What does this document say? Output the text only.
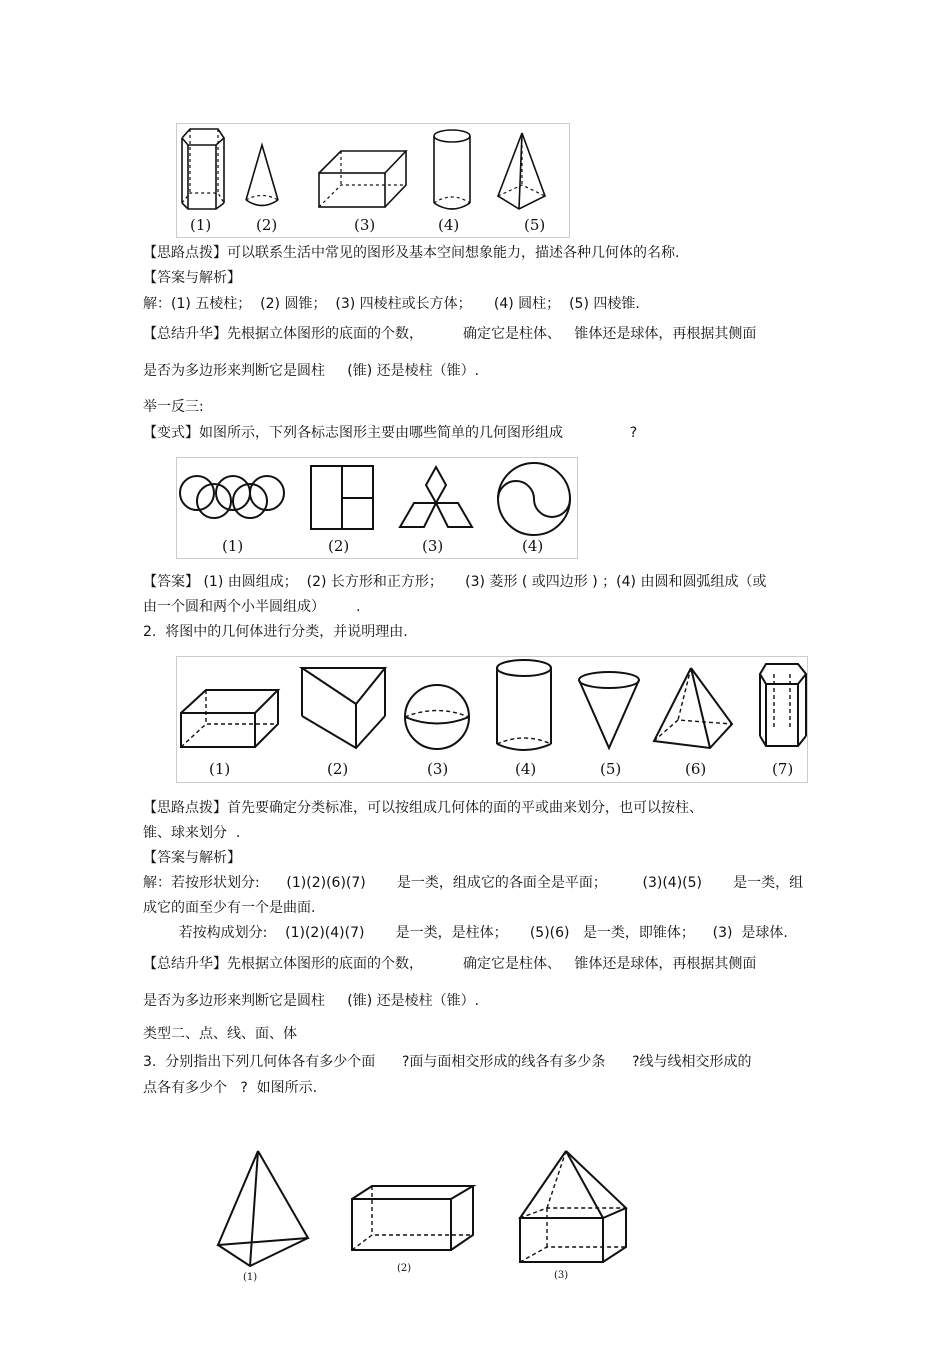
(1)	(2)	(3)	(4)	(5)
【思路点拨】可以联系生活中常见的图形及基本空间想象能力，描述各种几何体的名称.
【答案与解析】
解：(1) 五棱柱；  (2) 圆锥；  (3) 四棱柱或长方体；     (4) 圆柱；  (5) 四棱锥.
【总结升华】先根据立体图形的底面的个数，         确定它是柱体、   锥体还是球体，再根据其侧面
是否为多边形来判断它是圆柱     (锥) 还是棱柱（锥）.
举一反三:
【变式】如图所示，下列各标志图形主要由哪些简单的几何图形组成               ?
(1)	(2)	(3)	(4)
【答案】 (1) 由圆组成；  (2) 长方形和正方形；     (3) 菱形 ( 或四边形 ) ；(4) 由圆和圆弧组成（或
由一个圆和两个小半圆组成）       .
2.  将图中的几何体进行分类，并说明理由.
(1)	(2)	(3)	(4)	(5)	(6)	(7)
【思路点拨】首先要确定分类标准，可以按组成几何体的面的平或曲来划分，也可以按柱、
锥、球来划分  .
【答案与解析】
解：若按形状划分:      (1)(2)(6)(7)       是一类，组成它的各面全是平面；        (3)(4)(5)       是一类，组
成它的面至少有一个是曲面.
若按构成划分:    (1)(2)(4)(7)       是一类，是柱体；     (5)(6)   是一类，即锥体；    (3)  是球体.
【总结升华】先根据立体图形的底面的个数，         确定它是柱体、   锥体还是球体，再根据其侧面
是否为多边形来判断它是圆柱     (锥) 还是棱柱（锥）.
类型二、点、线、面、体
3.  分别指出下列几何体各有多少个面      ?面与面相交形成的线各有多少条      ?线与线相交形成的
点各有多少个   ?  如图所示.
(1)
(2)
(3)
